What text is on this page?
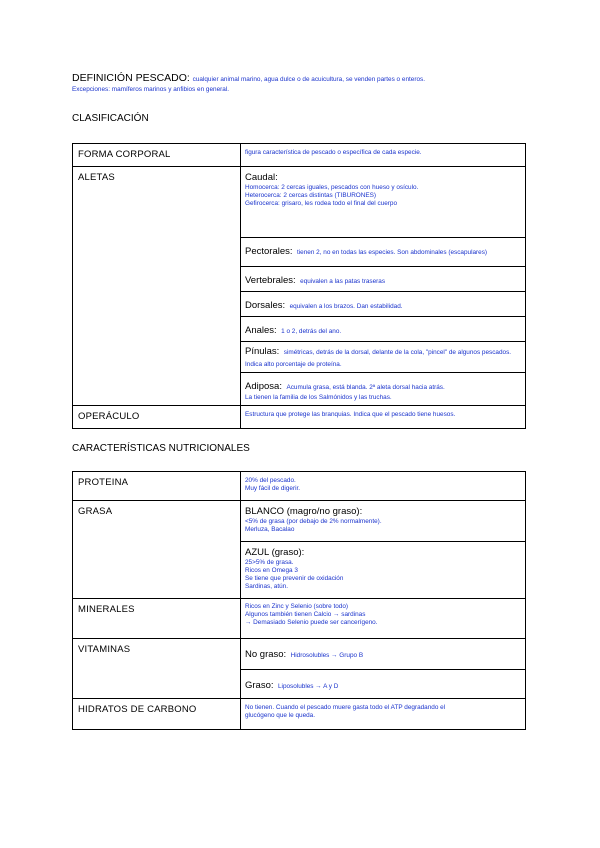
DEFINICIÓN PESCADO: cualquier animal marino, agua dulce o de acuicultura, se venden partes o enteros.
Excepciones: mamíferos marinos y anfibios en general.
CLASIFICACIÓN
FORMA CORPORAL	figura característica de pescado o específica de cada especie.

ALETAS	Caudal:
Homocerca: 2 cercas iguales, pescados con hueso y osículo.
Heterocerca: 2 cercas distintas (TIBURONES)
Gefirocerca: grisaro, les rodea todo el final del cuerpo

	Pectorales: tienen 2, no en todas las especies. Son abdominales (escapulares)
	Vertebrales: equivalen a las patas traseras
	Dorsales: equivalen a los brazos. Dan estabilidad.
	Anales: 1 o 2, detrás del ano.
	Pínulas: simétricas, detrás de la dorsal, delante de la cola, "pincel" de algunos pescados. Indica alto porcentaje de proteína.
	Adiposa: Acumula grasa, está blanda. 2ª aleta dorsal hacia atrás.
La tienen la familia de los Salmónidos y las truchas.

OPERÁCULO	Estructura que protege las branquias. Indica que el pescado tiene huesos.
CARACTERÍSTICAS NUTRICIONALES
PROTEINA	20% del pescado.
Muy fácil de digerir.

GRASA	BLANCO (magro/no graso):
<5% de grasa (por debajo de 2% normalmente).
Merluza, Bacalao

	AZUL (graso):
25>5% de grasa.
Ricos en Omega 3
Se tiene que prevenir de oxidación
Sardinas, atún.

MINERALES	Ricos en Zinc y Selenio (sobre todo)
Algunos también tienen Calcio → sardinas
→ Demasiado Selenio puede ser cancerígeno.

VITAMINAS	No graso: Hidrosolubles → Grupo B
	Graso: Liposolubles → A y D
HIDRATOS DE CARBONO	No tienen. Cuando el pescado muere gasta todo el ATP degradando el
glucógeno que le queda.
